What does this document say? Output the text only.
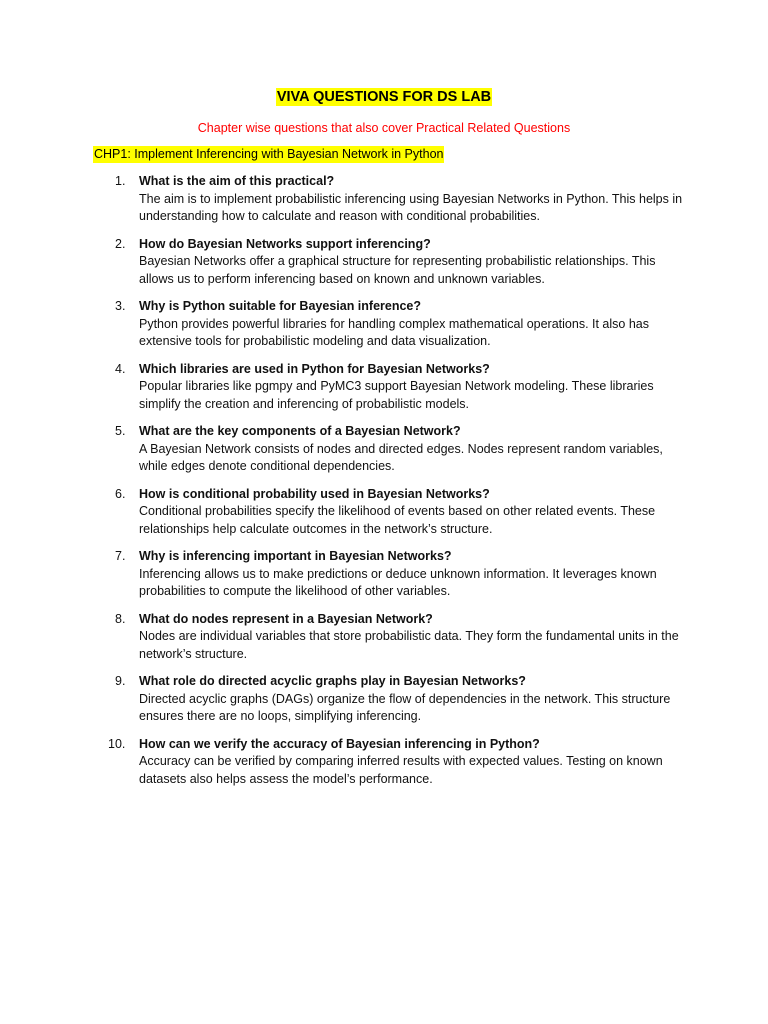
VIVA QUESTIONS FOR DS LAB
Chapter wise questions that also cover Practical Related Questions
CHP1: Implement Inferencing with Bayesian Network in Python
1.	What is the aim of this practical?
The aim is to implement probabilistic inferencing using Bayesian Networks in Python. This helps in understanding how to calculate and reason with conditional probabilities.
2.	How do Bayesian Networks support inferencing?
Bayesian Networks offer a graphical structure for representing probabilistic relationships. This allows us to perform inferencing based on known and unknown variables.
3.	Why is Python suitable for Bayesian inference?
Python provides powerful libraries for handling complex mathematical operations. It also has extensive tools for probabilistic modeling and data visualization.
4.	Which libraries are used in Python for Bayesian Networks?
Popular libraries like pgmpy and PyMC3 support Bayesian Network modeling. These libraries simplify the creation and inferencing of probabilistic models.
5.	What are the key components of a Bayesian Network?
A Bayesian Network consists of nodes and directed edges. Nodes represent random variables, while edges denote conditional dependencies.
6.	How is conditional probability used in Bayesian Networks?
Conditional probabilities specify the likelihood of events based on other related events. These relationships help calculate outcomes in the network’s structure.
7.	Why is inferencing important in Bayesian Networks?
Inferencing allows us to make predictions or deduce unknown information. It leverages known probabilities to compute the likelihood of other variables.
8.	What do nodes represent in a Bayesian Network?
Nodes are individual variables that store probabilistic data. They form the fundamental units in the network’s structure.
9.	What role do directed acyclic graphs play in Bayesian Networks?
Directed acyclic graphs (DAGs) organize the flow of dependencies in the network. This structure ensures there are no loops, simplifying inferencing.
10. How can we verify the accuracy of Bayesian inferencing in Python?
Accuracy can be verified by comparing inferred results with expected values. Testing on known datasets also helps assess the model’s performance.
